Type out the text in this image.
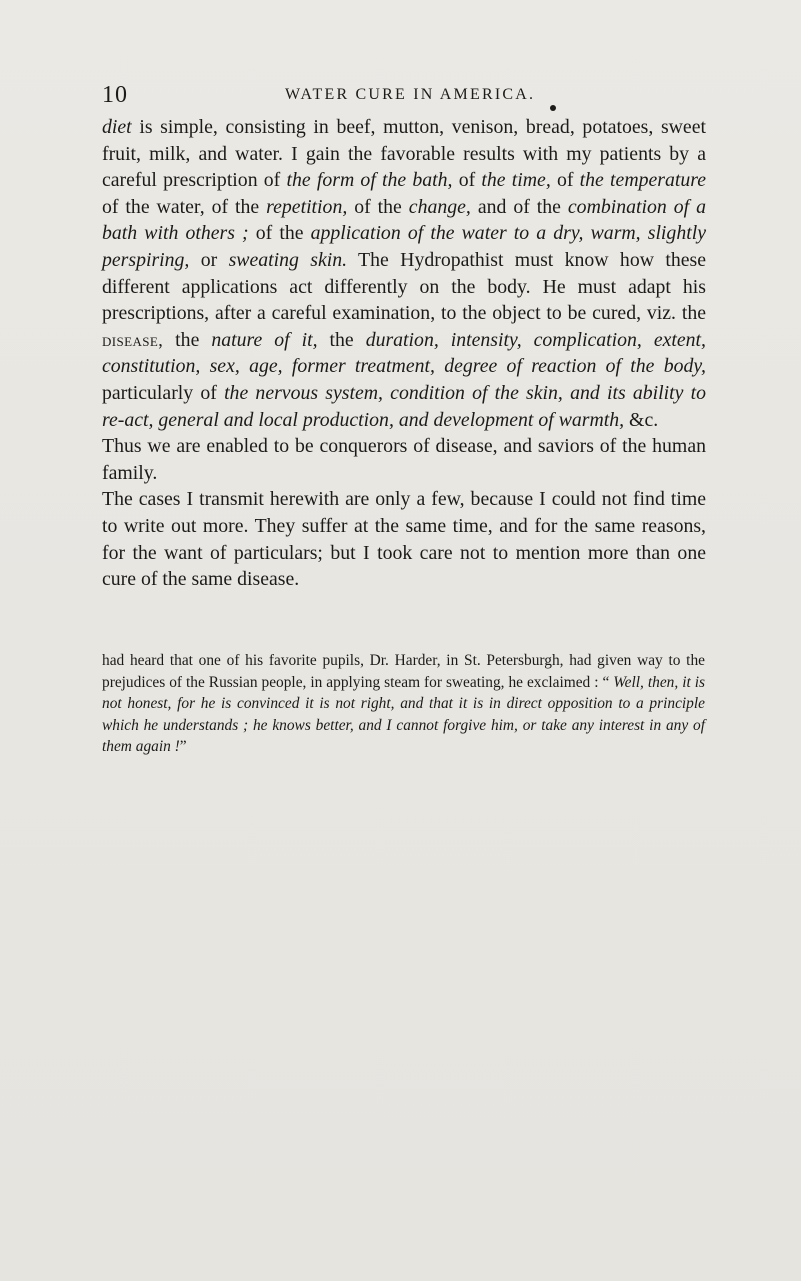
10	WATER CURE IN AMERICA.

diet is simple, consisting in beef, mutton, venison, bread, potatoes, sweet fruit, milk, and water. I gain the favorable results with my patients by a careful prescription of the form of the bath, of the time, of the temperature of the water, of the repetition, of the change, and of the combination of a bath with others ; of the application of the water to a dry, warm, slightly perspiring, or sweating skin. The Hydropathist must know how these different applications act differently on the body. He must adapt his prescriptions, after a careful examination, to the object to be cured, viz. the disease, the nature of it, the duration, intensity, complication, extent, constitution, sex, age, former treatment, degree of reaction of the body, particularly of the nervous system, condition of the skin, and its ability to re-act, general and local production, and development of warmth, &c.

Thus we are enabled to be conquerors of disease, and saviors of the human family.

The cases I transmit herewith are only a few, because I could not find time to write out more. They suffer at the same time, and for the same reasons, for the want of particulars; but I took care not to mention more than one cure of the same disease.

had heard that one of his favorite pupils, Dr. Harder, in St. Petersburgh, had given way to the prejudices of the Russian people, in applying steam for sweating, he exclaimed : “ Well, then, it is not honest, for he is convinced it is not right, and that it is in direct opposition to a principle which he understands ; he knows better, and I cannot forgive him, or take any interest in any of them again !”
